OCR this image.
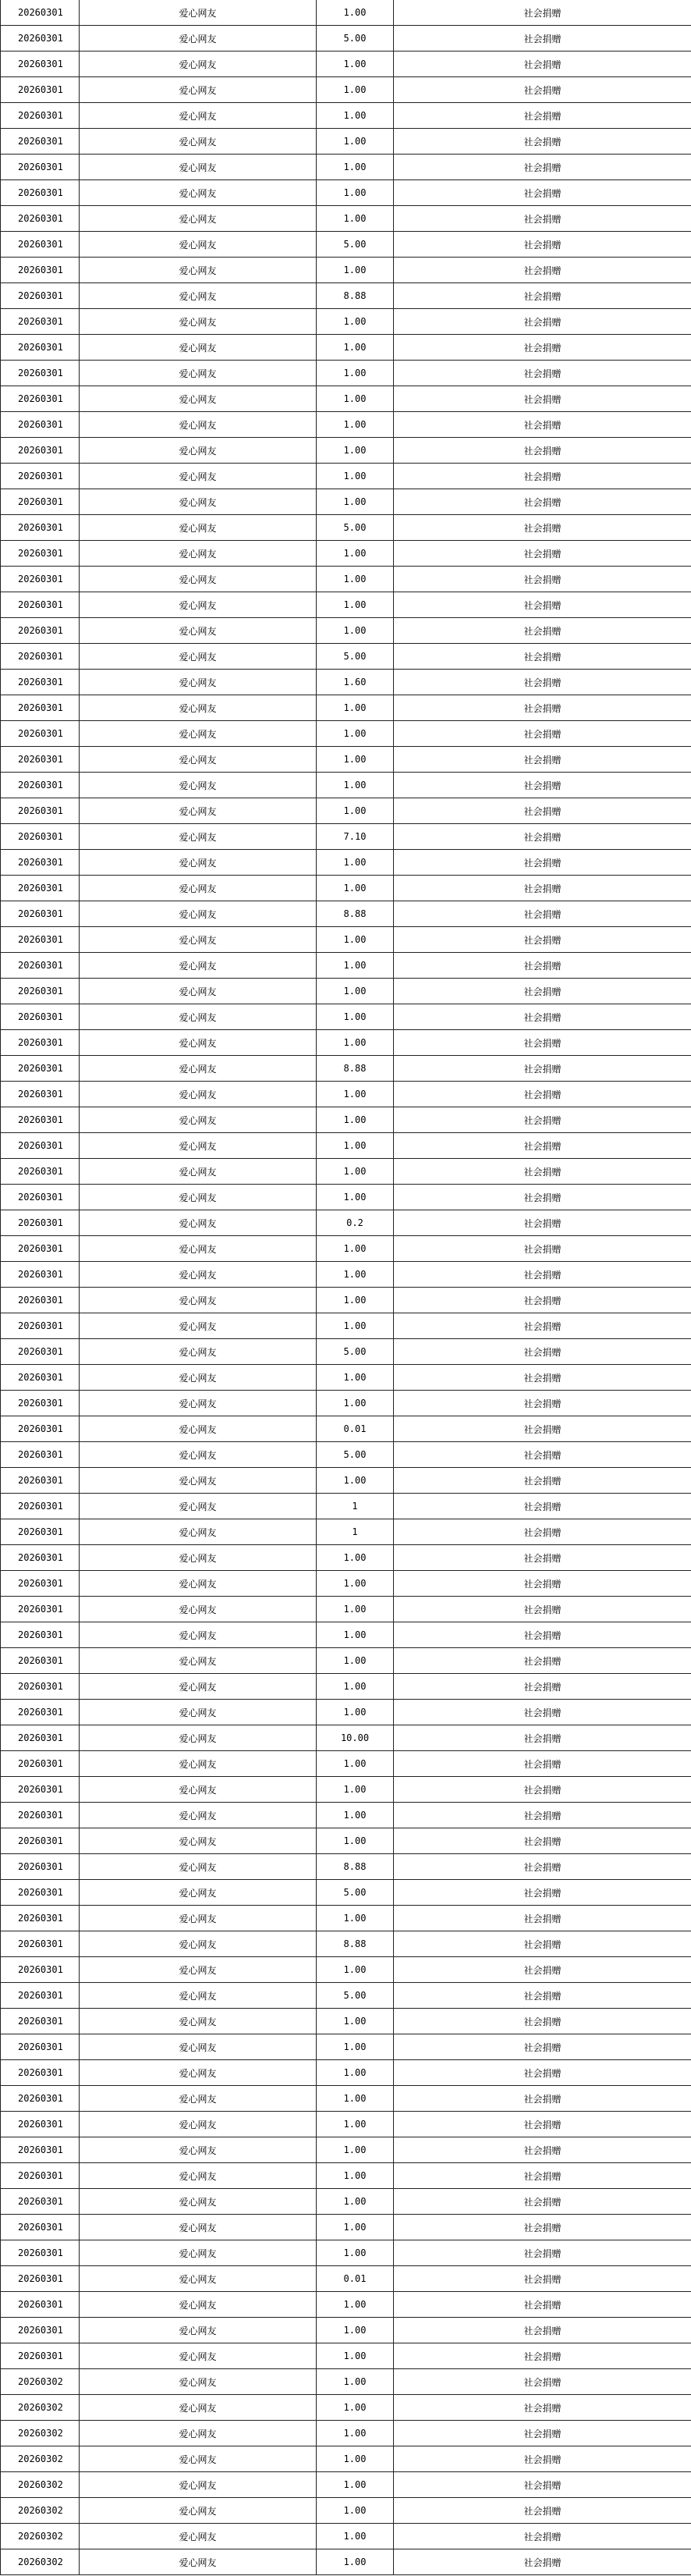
20260301	爱心网友	1.00	社会捐赠
20260301	爱心网友	5.00	社会捐赠
20260301	爱心网友	1.00	社会捐赠
20260301	爱心网友	1.00	社会捐赠
20260301	爱心网友	1.00	社会捐赠
20260301	爱心网友	1.00	社会捐赠
20260301	爱心网友	1.00	社会捐赠
20260301	爱心网友	1.00	社会捐赠
20260301	爱心网友	1.00	社会捐赠
20260301	爱心网友	5.00	社会捐赠
20260301	爱心网友	1.00	社会捐赠
20260301	爱心网友	8.88	社会捐赠
20260301	爱心网友	1.00	社会捐赠
20260301	爱心网友	1.00	社会捐赠
20260301	爱心网友	1.00	社会捐赠
20260301	爱心网友	1.00	社会捐赠
20260301	爱心网友	1.00	社会捐赠
20260301	爱心网友	1.00	社会捐赠
20260301	爱心网友	1.00	社会捐赠
20260301	爱心网友	1.00	社会捐赠
20260301	爱心网友	5.00	社会捐赠
20260301	爱心网友	1.00	社会捐赠
20260301	爱心网友	1.00	社会捐赠
20260301	爱心网友	1.00	社会捐赠
20260301	爱心网友	1.00	社会捐赠
20260301	爱心网友	5.00	社会捐赠
20260301	爱心网友	1.60	社会捐赠
20260301	爱心网友	1.00	社会捐赠
20260301	爱心网友	1.00	社会捐赠
20260301	爱心网友	1.00	社会捐赠
20260301	爱心网友	1.00	社会捐赠
20260301	爱心网友	1.00	社会捐赠
20260301	爱心网友	7.10	社会捐赠
20260301	爱心网友	1.00	社会捐赠
20260301	爱心网友	1.00	社会捐赠
20260301	爱心网友	8.88	社会捐赠
20260301	爱心网友	1.00	社会捐赠
20260301	爱心网友	1.00	社会捐赠
20260301	爱心网友	1.00	社会捐赠
20260301	爱心网友	1.00	社会捐赠
20260301	爱心网友	1.00	社会捐赠
20260301	爱心网友	8.88	社会捐赠
20260301	爱心网友	1.00	社会捐赠
20260301	爱心网友	1.00	社会捐赠
20260301	爱心网友	1.00	社会捐赠
20260301	爱心网友	1.00	社会捐赠
20260301	爱心网友	1.00	社会捐赠
20260301	爱心网友	0.2	社会捐赠
20260301	爱心网友	1.00	社会捐赠
20260301	爱心网友	1.00	社会捐赠
20260301	爱心网友	1.00	社会捐赠
20260301	爱心网友	1.00	社会捐赠
20260301	爱心网友	5.00	社会捐赠
20260301	爱心网友	1.00	社会捐赠
20260301	爱心网友	1.00	社会捐赠
20260301	爱心网友	0.01	社会捐赠
20260301	爱心网友	5.00	社会捐赠
20260301	爱心网友	1.00	社会捐赠
20260301	爱心网友	1	社会捐赠
20260301	爱心网友	1	社会捐赠
20260301	爱心网友	1.00	社会捐赠
20260301	爱心网友	1.00	社会捐赠
20260301	爱心网友	1.00	社会捐赠
20260301	爱心网友	1.00	社会捐赠
20260301	爱心网友	1.00	社会捐赠
20260301	爱心网友	1.00	社会捐赠
20260301	爱心网友	1.00	社会捐赠
20260301	爱心网友	10.00	社会捐赠
20260301	爱心网友	1.00	社会捐赠
20260301	爱心网友	1.00	社会捐赠
20260301	爱心网友	1.00	社会捐赠
20260301	爱心网友	1.00	社会捐赠
20260301	爱心网友	8.88	社会捐赠
20260301	爱心网友	5.00	社会捐赠
20260301	爱心网友	1.00	社会捐赠
20260301	爱心网友	8.88	社会捐赠
20260301	爱心网友	1.00	社会捐赠
20260301	爱心网友	5.00	社会捐赠
20260301	爱心网友	1.00	社会捐赠
20260301	爱心网友	1.00	社会捐赠
20260301	爱心网友	1.00	社会捐赠
20260301	爱心网友	1.00	社会捐赠
20260301	爱心网友	1.00	社会捐赠
20260301	爱心网友	1.00	社会捐赠
20260301	爱心网友	1.00	社会捐赠
20260301	爱心网友	1.00	社会捐赠
20260301	爱心网友	1.00	社会捐赠
20260301	爱心网友	1.00	社会捐赠
20260301	爱心网友	0.01	社会捐赠
20260301	爱心网友	1.00	社会捐赠
20260301	爱心网友	1.00	社会捐赠
20260301	爱心网友	1.00	社会捐赠
20260302	爱心网友	1.00	社会捐赠
20260302	爱心网友	1.00	社会捐赠
20260302	爱心网友	1.00	社会捐赠
20260302	爱心网友	1.00	社会捐赠
20260302	爱心网友	1.00	社会捐赠
20260302	爱心网友	1.00	社会捐赠
20260302	爱心网友	1.00	社会捐赠
20260302	爱心网友	1.00	社会捐赠
